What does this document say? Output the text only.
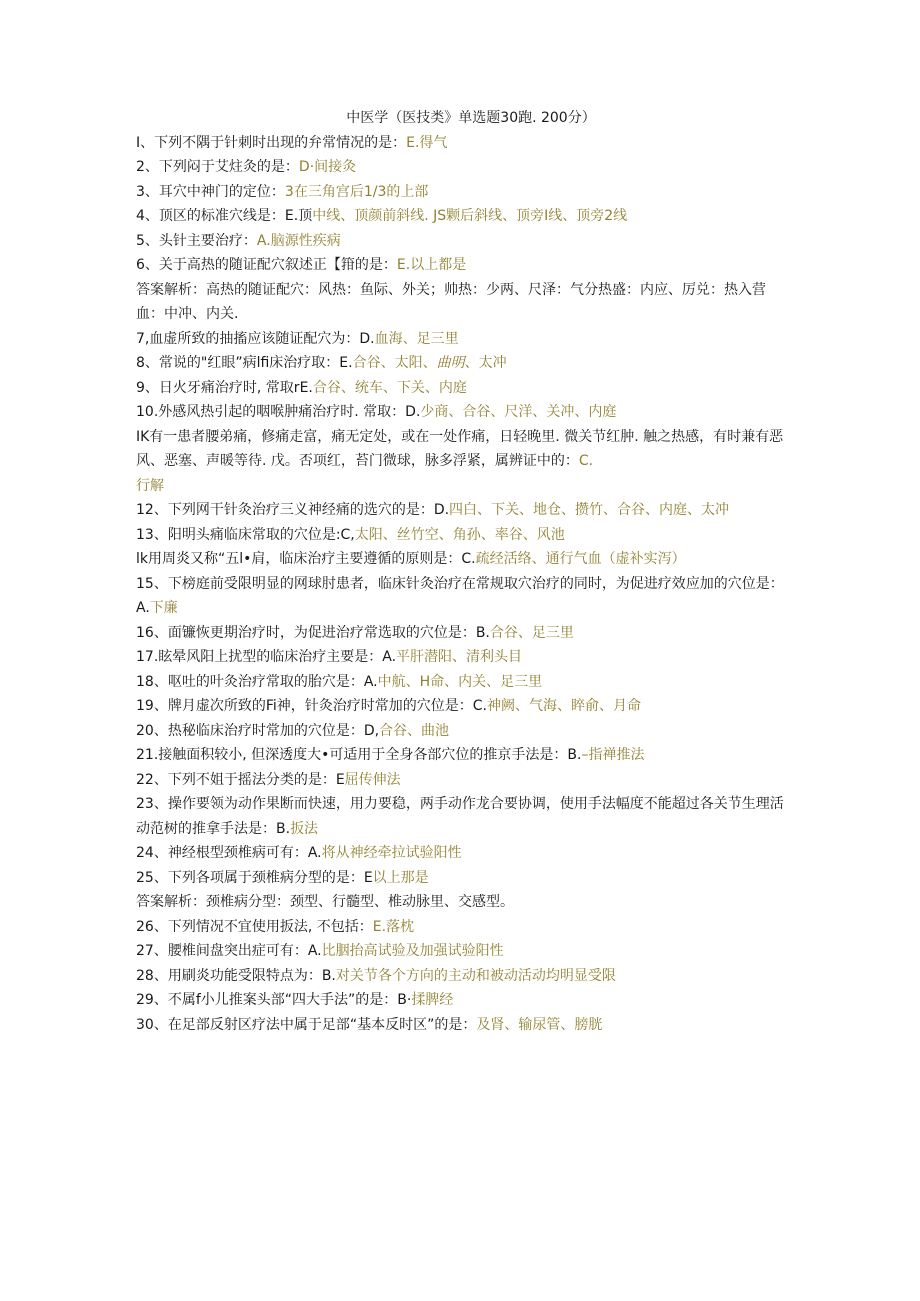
中医学（医技类》单选题30跑. 200分）
I、下列不隅于针刺时出现的弁常情况的是：E.得气
2、下列闷于艾炷灸的是：D·间接灸
3、耳穴中神门的定位：3在三角宫后1/3的上部
4、顶区的标准穴线是：E.顶中线、顶颜前斜线. JS颗后斜线、顶旁I线、顶旁2线
5、头针主要治疗：A.脑源性疾病
6、关于高热的随证配穴叙述正【箝的是：E.以上都是
答案解析：高热的随证配穴：风热：鱼际、外关；帅热：少两、尺泽：气分热盛：内应、厉兑：热入营血：中冲、内关.
7,血虚所致的抽搐应该随证配穴为：D.血海、足三里
8、常说的"红眼”病lfi床治疗取：E.合谷、太阳、曲明、太冲
9、日火牙痛治疗时, 常取rE.合谷、统车、下关、内庭
10.外感风热引起的咽喉肿痛治疗时. 常取：D.少商、合谷、尺洋、关冲、内庭
IK有一患者腰弟痛，修痛走富，痛无定处，或在一处作痛，日轻晚里. 微关节红肿. 触之热感，有时兼有恶风、恶塞、声暖等待. 戊。否项红，苔门微球，脉多浮紧，属辨证中的：C.
行解
12、下列网干针灸治疗三义神经痛的选穴的是：D.四白、下关、地仓、攒竹、合谷、内庭、太冲
13、阳明头痛临床常取的穴位是:C,太阳、丝竹空、角孙、率谷、风池
lk用周炎又称“五l•肩，临床治疗主要遵循的原则是：C.疏经活络、通行气血（虚补实泻）
15、下榜庭前受限明显的网球肘患者，临床针灸治疗在常规取穴治疗的同时，为促进疗效应加的穴位是：A.下廉
16、面镰恢更期治疗时，为促进治疗常选取的穴位是：B.合谷、足三里
17.眩晕风阳上扰型的临床治疗主要是：A.平肝潜阳、清利头目
18、呕吐的叶灸治疗常取的胎穴是：A.中航、H命、内关、足三里
19、牌月虚次所致的Fi神，针灸治疗时常加的穴位是：C.神阙、气海、睟俞、月命
20、热秘临床治疗时常加的穴位是：D,合谷、曲池
21.接触面积较小, 但深透度大•可适用于全身各部穴位的推京手法是：B.–指禅推法
22、下列不姐于摇法分类的是：E屈传伸法
23、操作要领为动作果断而快速，用力要稳，两手动作龙合要协调，使用手法幅度不能超过各关节生理活动范树的推拿手法是：B.扳法
24、神经根型颈椎病可有：A.将从神经牵拉试验阳性
25、下列各项属于颈椎病分型的是：E以上那是
答案解析：颈椎病分型：颈型、行髓型、椎动脉里、交感型。
26、下列情况不宜使用扳法, 不包括：E.落枕
27、腰椎间盘突出症可有：A.比胭抬高试验及加强试验阳性
28、用刷炎功能受限特点为：B.对关节各个方向的主动和被动活动均明显受限
29、不属f小儿推案头部“四大手法”的是：B·揉脾经
30、在足部反射区疗法中属于足部“基本反时区”的是：及肾、输尿管、膀胱
